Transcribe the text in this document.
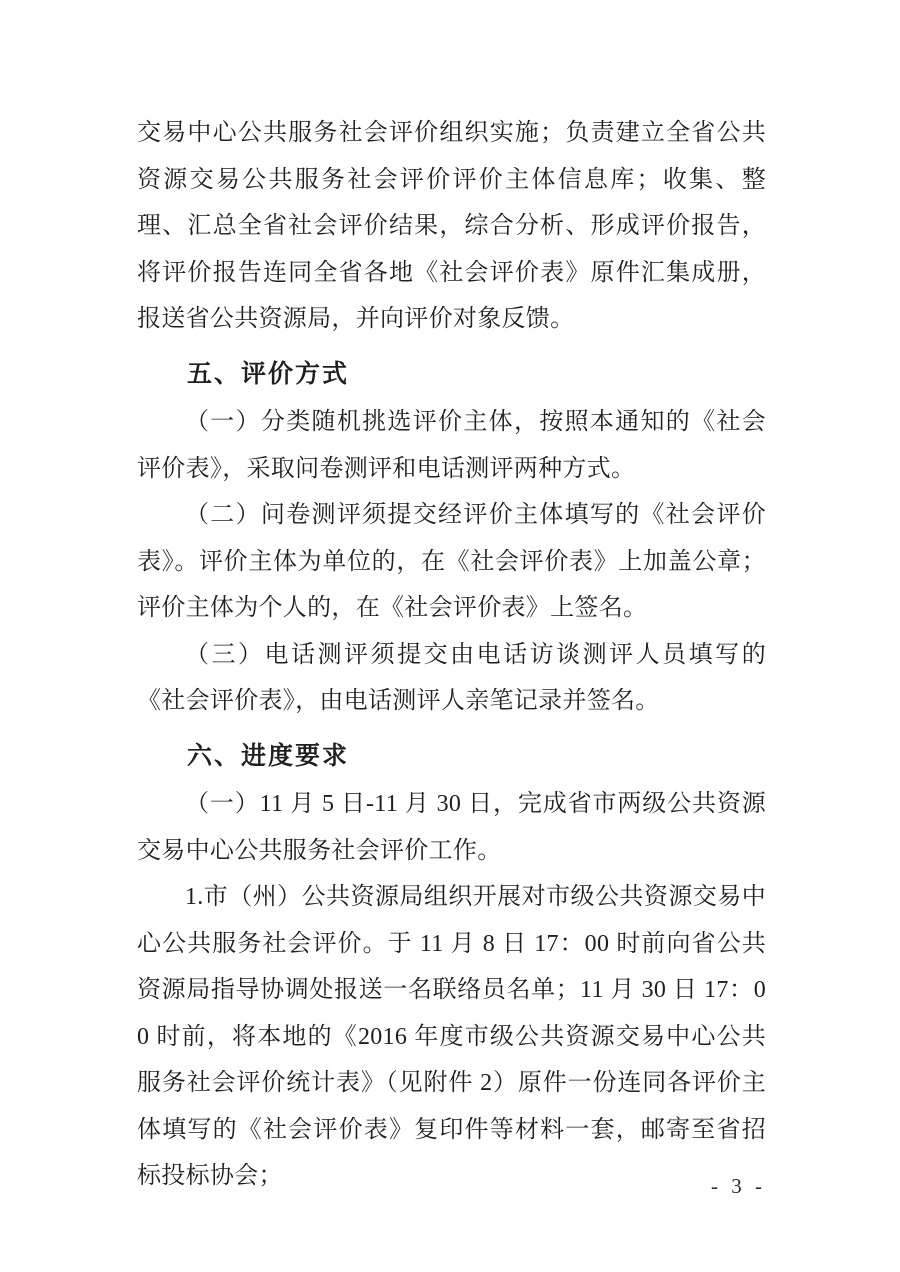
交易中心公共服务社会评价组织实施；负责建立全省公共资源交易公共服务社会评价评价主体信息库；收集、整理、汇总全省社会评价结果，综合分析、形成评价报告，将评价报告连同全省各地《社会评价表》原件汇集成册，报送省公共资源局，并向评价对象反馈。

五、评价方式

（一）分类随机挑选评价主体，按照本通知的《社会评价表》，采取问卷测评和电话测评两种方式。

（二）问卷测评须提交经评价主体填写的《社会评价表》。评价主体为单位的，在《社会评价表》上加盖公章；评价主体为个人的，在《社会评价表》上签名。

（三）电话测评须提交由电话访谈测评人员填写的《社会评价表》，由电话测评人亲笔记录并签名。

六、进度要求

（一）11 月 5 日-11 月 30 日，完成省市两级公共资源交易中心公共服务社会评价工作。

1.市（州）公共资源局组织开展对市级公共资源交易中心公共服务社会评价。于 11 月 8 日 17：00 时前向省公共资源局指导协调处报送一名联络员名单；11 月 30 日 17：00 时前，将本地的《2016 年度市级公共资源交易中心公共服务社会评价统计表》（见附件 2）原件一份连同各评价主体填写的《社会评价表》复印件等材料一套，邮寄至省招标投标协会；	- 3 -
